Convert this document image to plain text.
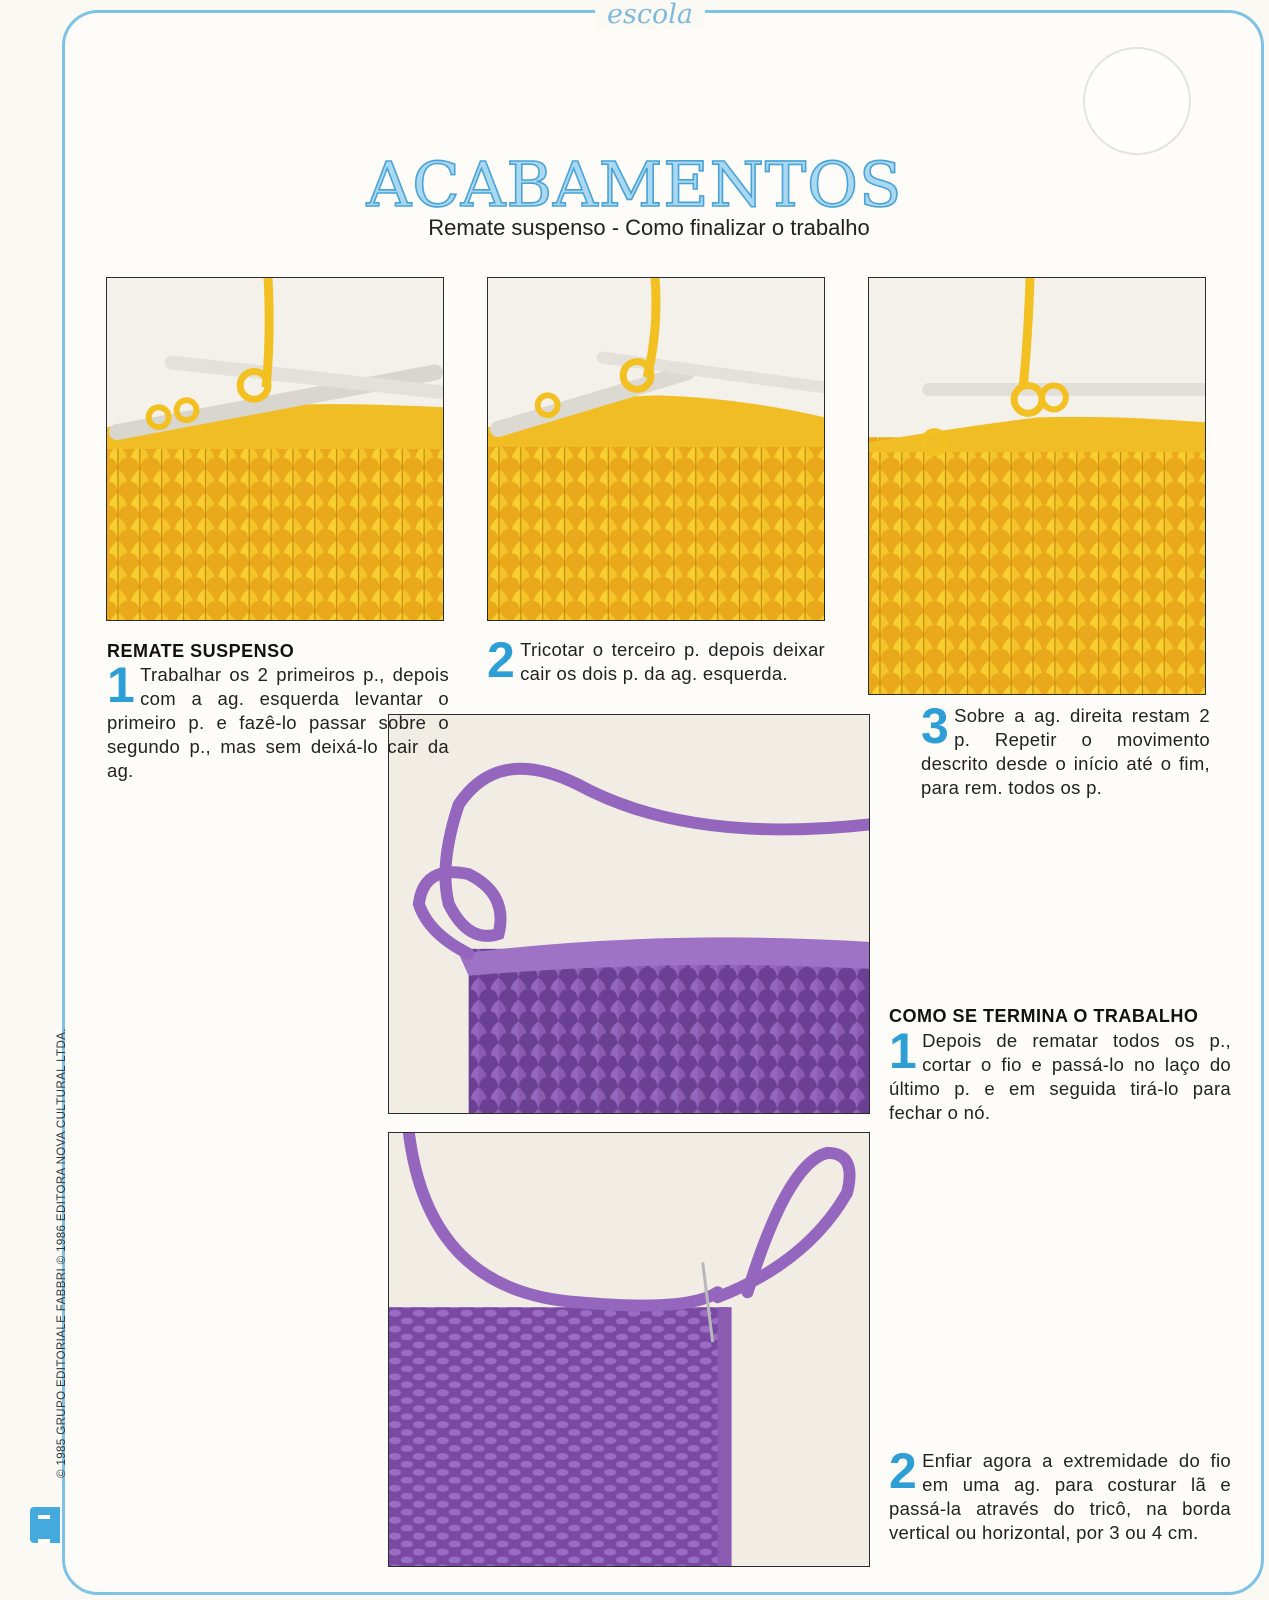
escola
ACABAMENTOS
Remate suspenso - Como finalizar o trabalho
REMATE SUSPENSO
1 Trabalhar os 2 primeiros p., depois com a ag. esquerda levantar o primeiro p. e fazê-lo passar sobre o segundo p., mas sem deixá-lo cair da ag.
2 Tricotar o terceiro p. depois deixar cair os dois p. da ag. esquerda.
3 Sobre a ag. direita restam 2 p. Repetir o movimento descrito desde o início até o fim, para rem. todos os p.
COMO SE TERMINA O TRABALHO
1 Depois de rematar todos os p., cortar o fio e passá-lo no laço do último p. e em seguida tirá-lo para fechar o nó.
2 Enfiar agora a extremidade do fio em uma ag. para costurar lã e passá-la através do tricô, na borda vertical ou horizontal, por 3 ou 4 cm.
© 1985 GRUPO EDITORIALE FABBRI © 1986 EDITORA NOVA CULTURAL LTDA.
